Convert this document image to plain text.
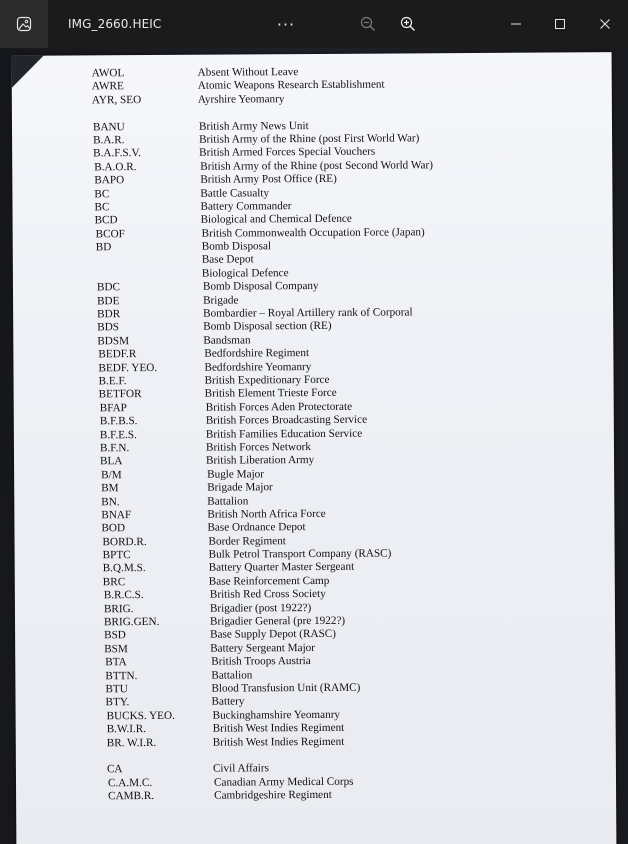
IMG_2660.HEIC	···
AWOL	Absent Without Leave
AWRE	Atomic Weapons Research Establishment
AYR, SEO	Ayrshire Yeomanry
BANU	British Army News Unit
B.A.R.	British Army of the Rhine (post First World War)
B.A.F.S.V.	British Armed Forces Special Vouchers
B.A.O.R.	British Army of the Rhine (post Second World War)
BAPO	British Army Post Office (RE)
BC	Battle Casualty
BC	Battery Commander
BCD	Biological and Chemical Defence
BCOF	British Commonwealth Occupation Force (Japan)
BD	Bomb Disposal
Base Depot
Biological Defence
BDC	Bomb Disposal Company
BDE	Brigade
BDR	Bombardier – Royal Artillery rank of Corporal
BDS	Bomb Disposal section (RE)
BDSM	Bandsman
BEDF.R	Bedfordshire Regiment
BEDF. YEO.	Bedfordshire Yeomanry
B.E.F.	British Expeditionary Force
BETFOR	British Element Trieste Force
BFAP	British Forces Aden Protectorate
B.F.B.S.	British Forces Broadcasting Service
B.F.E.S.	British Families Education Service
B.F.N.	British Forces Network
BLA	British Liberation Army
B/M	Bugle Major
BM	Brigade Major
BN.	Battalion
BNAF	British North Africa Force
BOD	Base Ordnance Depot
BORD.R.	Border Regiment
BPTC	Bulk Petrol Transport Company (RASC)
B.Q.M.S.	Battery Quarter Master Sergeant
BRC	Base Reinforcement Camp
B.R.C.S.	British Red Cross Society
BRIG.	Brigadier (post 1922?)
BRIG.GEN.	Brigadier General (pre 1922?)
BSD	Base Supply Depot (RASC)
BSM	Battery Sergeant Major
BTA	British Troops Austria
BTTN.	Battalion
BTU	Blood Transfusion Unit (RAMC)
BTY.	Battery
BUCKS. YEO.	Buckinghamshire Yeomanry
B.W.I.R.	British West Indies Regiment
BR. W.I.R.	British West Indies Regiment
CA	Civil Affairs
C.A.M.C.	Canadian Army Medical Corps
CAMB.R.	Cambridgeshire Regiment
